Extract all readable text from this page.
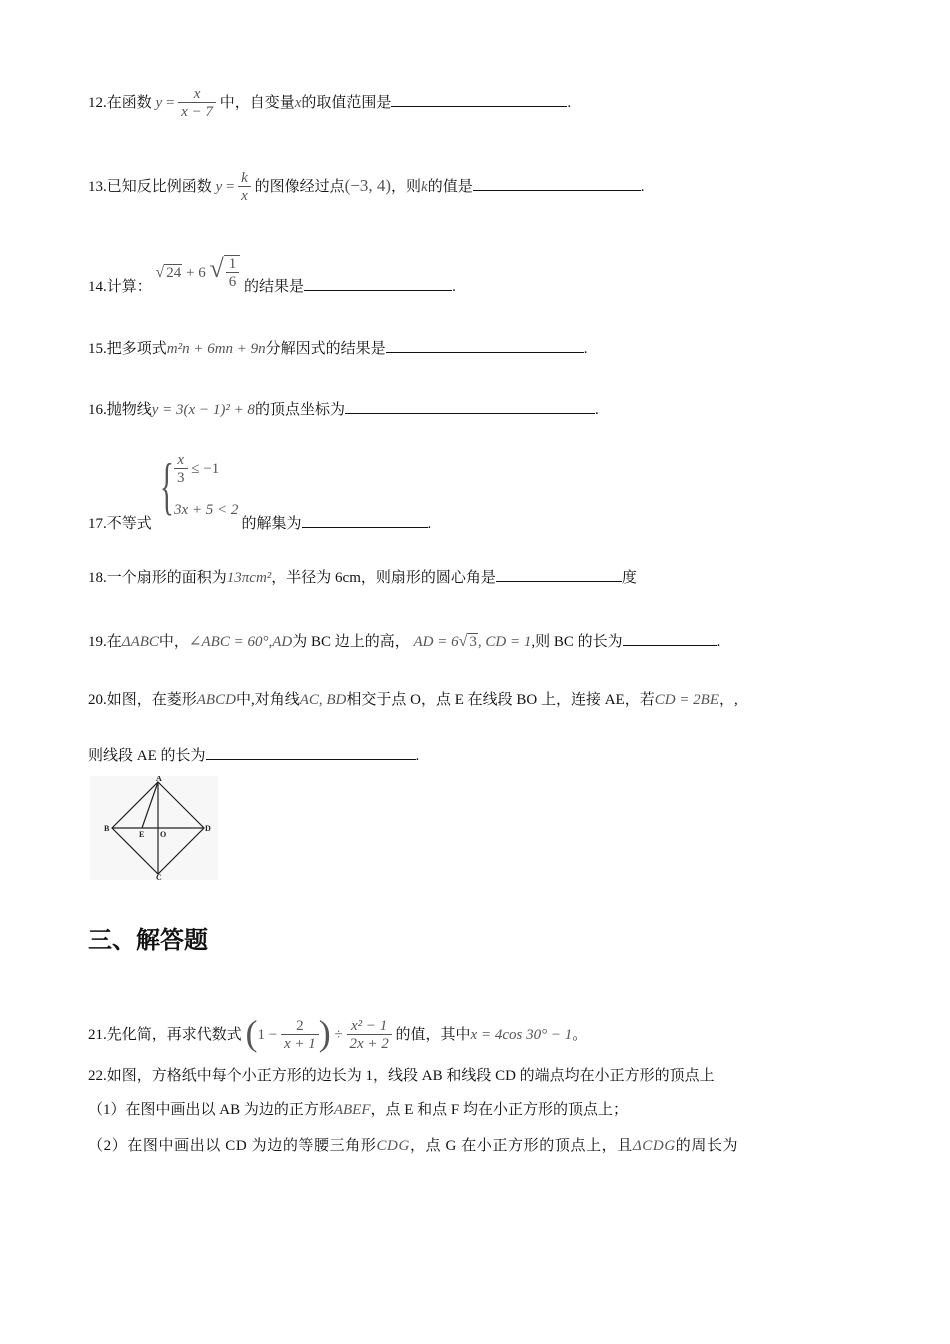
12.在函数 $y = \frac{x}{x - 7}$ 中，自变量x的取值范围是	.
13.已知反比例函数 $y = \frac{k}{x}$ 的图像经过点(−3, 4)，则k的值是	.
14.计算： √ 24 + 6 √ $\frac{1}{6}$ 的结果是	.
15.把多项式m²n + 6mn + 9n分解因式的结果是	.
16.抛物线y = 3(x − 1)² + 8的顶点坐标为	.
17.不等式
{ $\frac{x}{3} \le -1$
3x + 5 < 2
的解集为	.
18.一个扇形的面积为13πcm²，半径为 6cm，则扇形的圆心角是	度
19.在ΔABC中，∠ABC = 60°,AD为 BC 边上的高， AD = 6√ 3, CD = 1,则 BC 的长为	.
20.如图，在菱形ABCD中,对角线AC, BD相交于点 O，点 E 在线段 BO 上，连接 AE，若CD = 2BE，,
则线段 AE 的长为	.
A
B
C
D
E O
三、解答题
21.先化简，再求代数式 ($1 - \frac{2}{x + 1}$ ) ÷ $\frac{\text{x² − 1}}{2x + 2}$ 的值，其中x = 4cos 30° − 1。
22.如图，方格纸中每个小正方形的边长为 1，线段 AB 和线段 CD 的端点均在小正方形的顶点上
（1）在图中画出以 AB 为边的正方形ABEF，点 E 和点 F 均在小正方形的顶点上；
（2）在图中画出以 CD 为边的等腰三角形CDG，点 G 在小正方形的顶点上，且ΔCDG的周长为
